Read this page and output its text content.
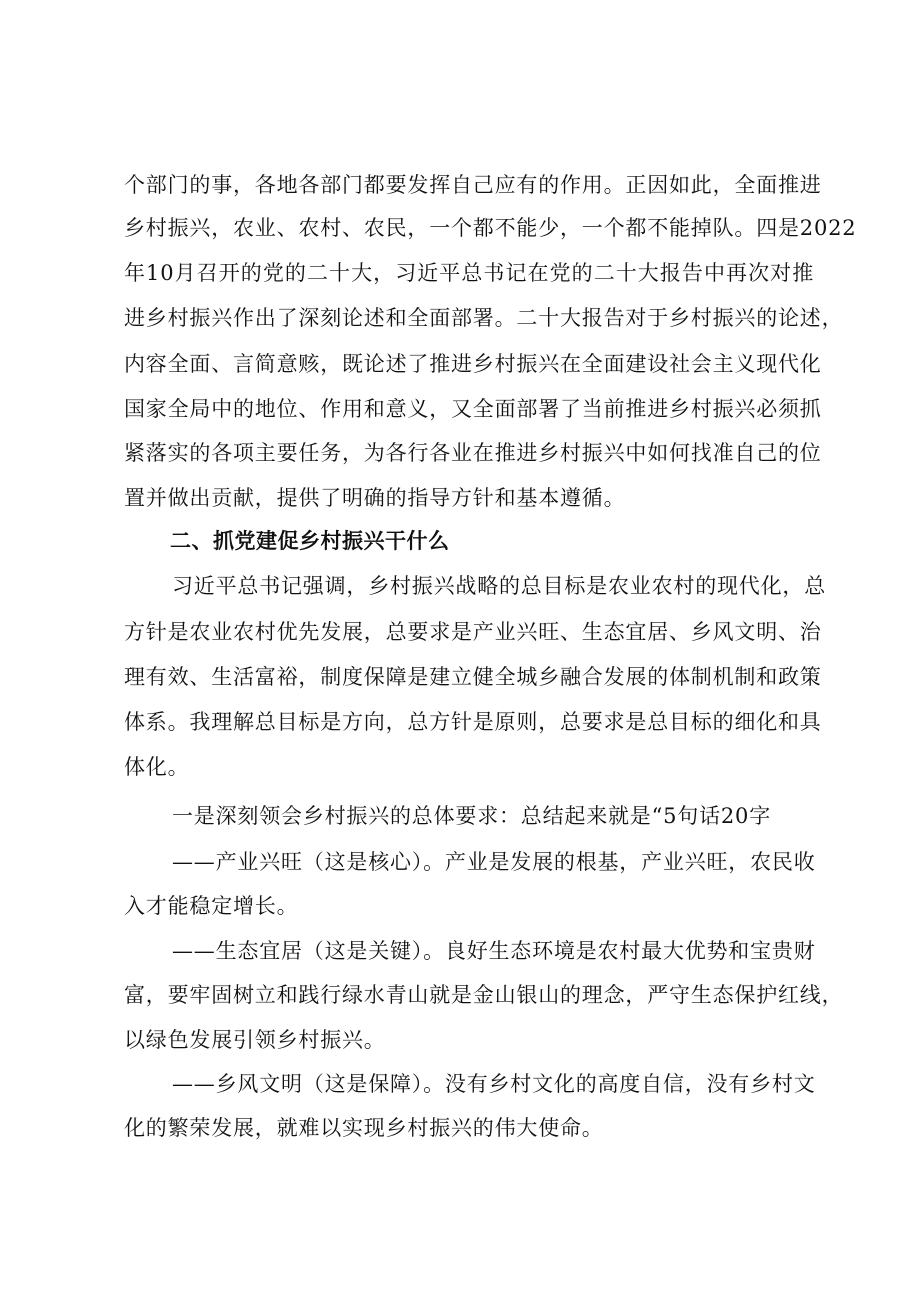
个部门的事，各地各部门都要发挥自己应有的作用。正因如此，全面推进
乡村振兴，农业、农村、农民，一个都不能少，一个都不能掉队。四是2022
年10月召开的党的二十大，习近平总书记在党的二十大报告中再次对推
进乡村振兴作出了深刻论述和全面部署。二十大报告对于乡村振兴的论述，
内容全面、言简意赅，既论述了推进乡村振兴在全面建设社会主义现代化
国家全局中的地位、作用和意义，又全面部署了当前推进乡村振兴必须抓
紧落实的各项主要任务，为各行各业在推进乡村振兴中如何找准自己的位
置并做出贡献，提供了明确的指导方针和基本遵循。
二、抓党建促乡村振兴干什么
习近平总书记强调，乡村振兴战略的总目标是农业农村的现代化，总
方针是农业农村优先发展，总要求是产业兴旺、生态宜居、乡风文明、治
理有效、生活富裕，制度保障是建立健全城乡融合发展的体制机制和政策
体系。我理解总目标是方向，总方针是原则，总要求是总目标的细化和具
体化。
一是深刻领会乡村振兴的总体要求：总结起来就是“5句话20字
——产业兴旺（这是核心）。产业是发展的根基，产业兴旺，农民收
入才能稳定增长。
——生态宜居（这是关键）。良好生态环境是农村最大优势和宝贵财
富，要牢固树立和践行绿水青山就是金山银山的理念，严守生态保护红线，
以绿色发展引领乡村振兴。
——乡风文明（这是保障）。没有乡村文化的高度自信，没有乡村文
化的繁荣发展，就难以实现乡村振兴的伟大使命。
